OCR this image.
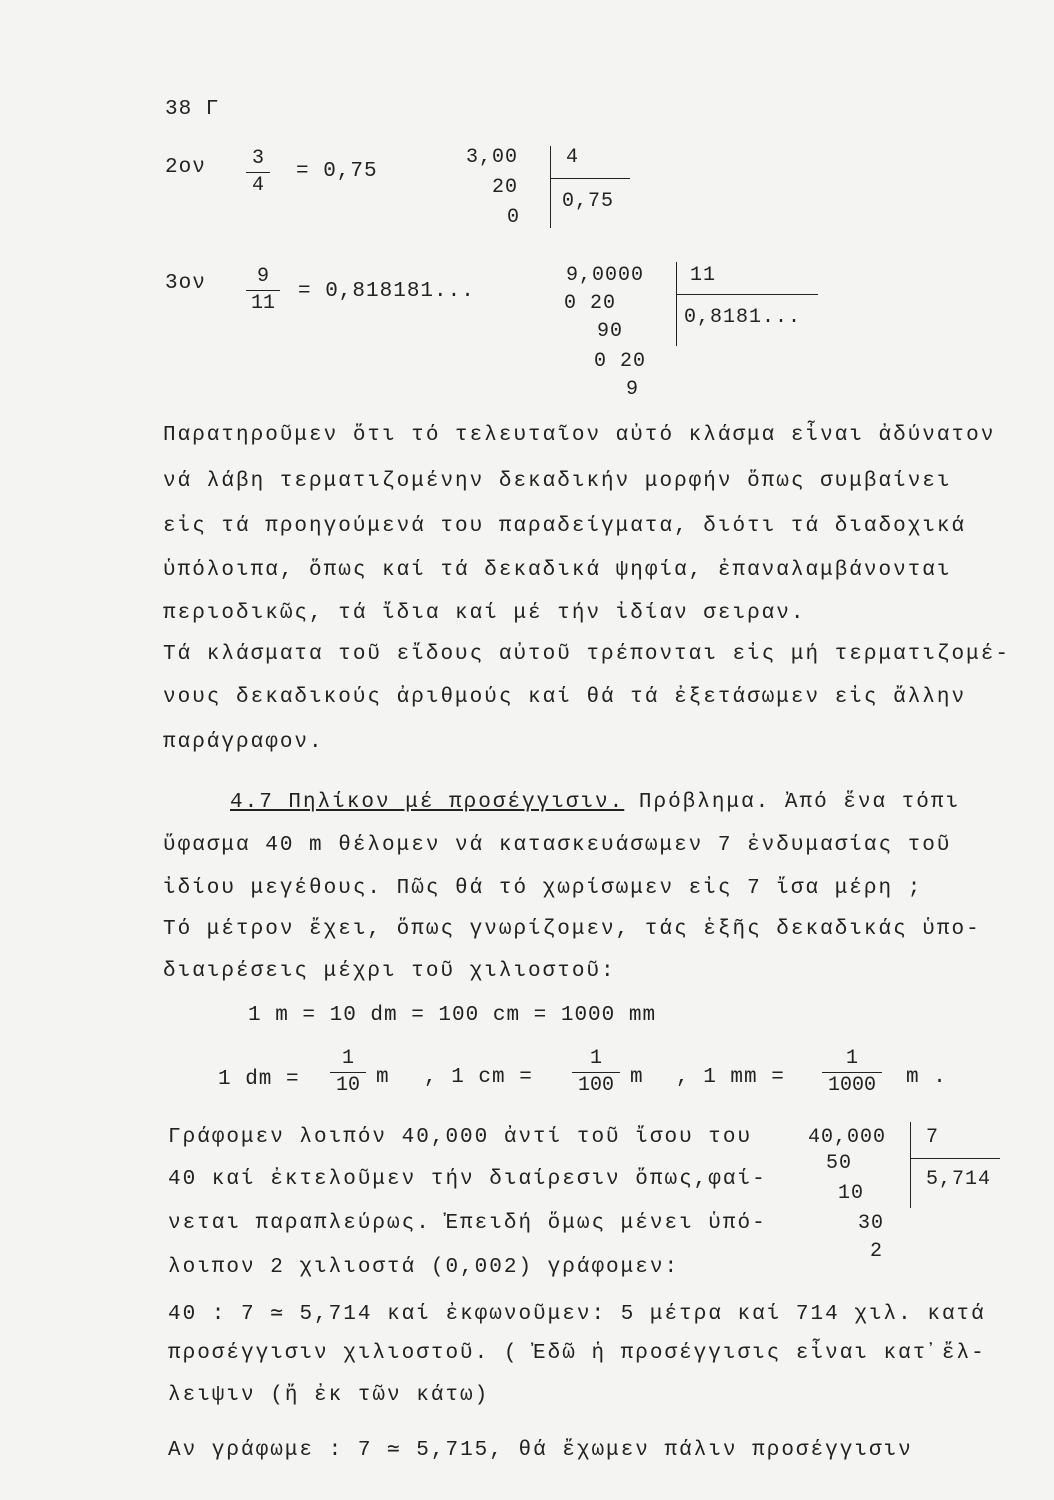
38 Γ
2ον 3
4
= 0,75
3,00
20
0
4
0,75
3ον	9
11
= 0,818181...
9,0000
0 20
90
0 20
9
11
0,8181...
Παρατηροῦμεν ὅτι τό τελευταῖον αὐτό κλάσμα εἶναι ἀδύνατον
νά λάβη τερματιζομένην δεκαδικήν μορφήν ὅπως συμβαίνει
εἰς τά προηγούμενά του παραδείγματα, διότι τά διαδοχικά
ὑπόλοιπα, ὅπως καί τά δεκαδικά ψηφία, ἐπαναλαμβάνονται
περιοδικῶς, τά ἴδια καί μέ τήν ἰδίαν σειραν.
Τά κλάσματα τοῦ εἴδους αὐτοῦ τρέπονται εἰς μή τερματιζομέ-
νους δεκαδικούς ἀριθμούς καί θά τά ἐξετάσωμεν εἰς ἄλλην
παράγραφον.
4.7 Πηλίκον μέ προσέγγισιν. Πρόβλημα. Ἀπό ἕνα τόπι
ὕφασμα 40 m θέλομεν νά κατασκευάσωμεν 7 ἐνδυμασίας τοῦ
ἰδίου μεγέθους. Πῶς θά τό χωρίσωμεν εἰς 7 ἴσα μέρη ;
Τό μέτρον ἔχει, ὅπως γνωρίζομεν, τάς ἑξῆς δεκαδικάς ὑπο-
διαιρέσεις μέχρι τοῦ χιλιοστοῦ:
1 m = 10 dm = 100 cm = 1000 mm
1 dm =
1
10 m , 1 cm =
1
100 m , 1 mm =
1
1000 m .
Γράφομεν λοιπόν 40,000 ἀντί τοῦ ἴσου του
40 καί ἐκτελοῦμεν τήν διαίρεσιν ὅπως,φαί-
νεται παραπλεύρως. Ἐπειδή ὅμως μένει ὑπό-
λοιπον 2 χιλιοστά (0,002) γράφομεν:
40,000
50
10
30
2
7
5,714
40 : 7 ≃ 5,714 καί ἐκφωνοῦμεν: 5 μέτρα καί 714 χιλ. κατά
προσέγγισιν χιλιοστοῦ. ( Ἐδῶ ἡ προσέγγισις εἶναι κατ᾽ἔλ-
λειψιν (ἤ ἐκ τῶν κάτω)
Αν γράφωμε : 7 ≃ 5,715, θά ἔχωμεν πάλιν προσέγγισιν
